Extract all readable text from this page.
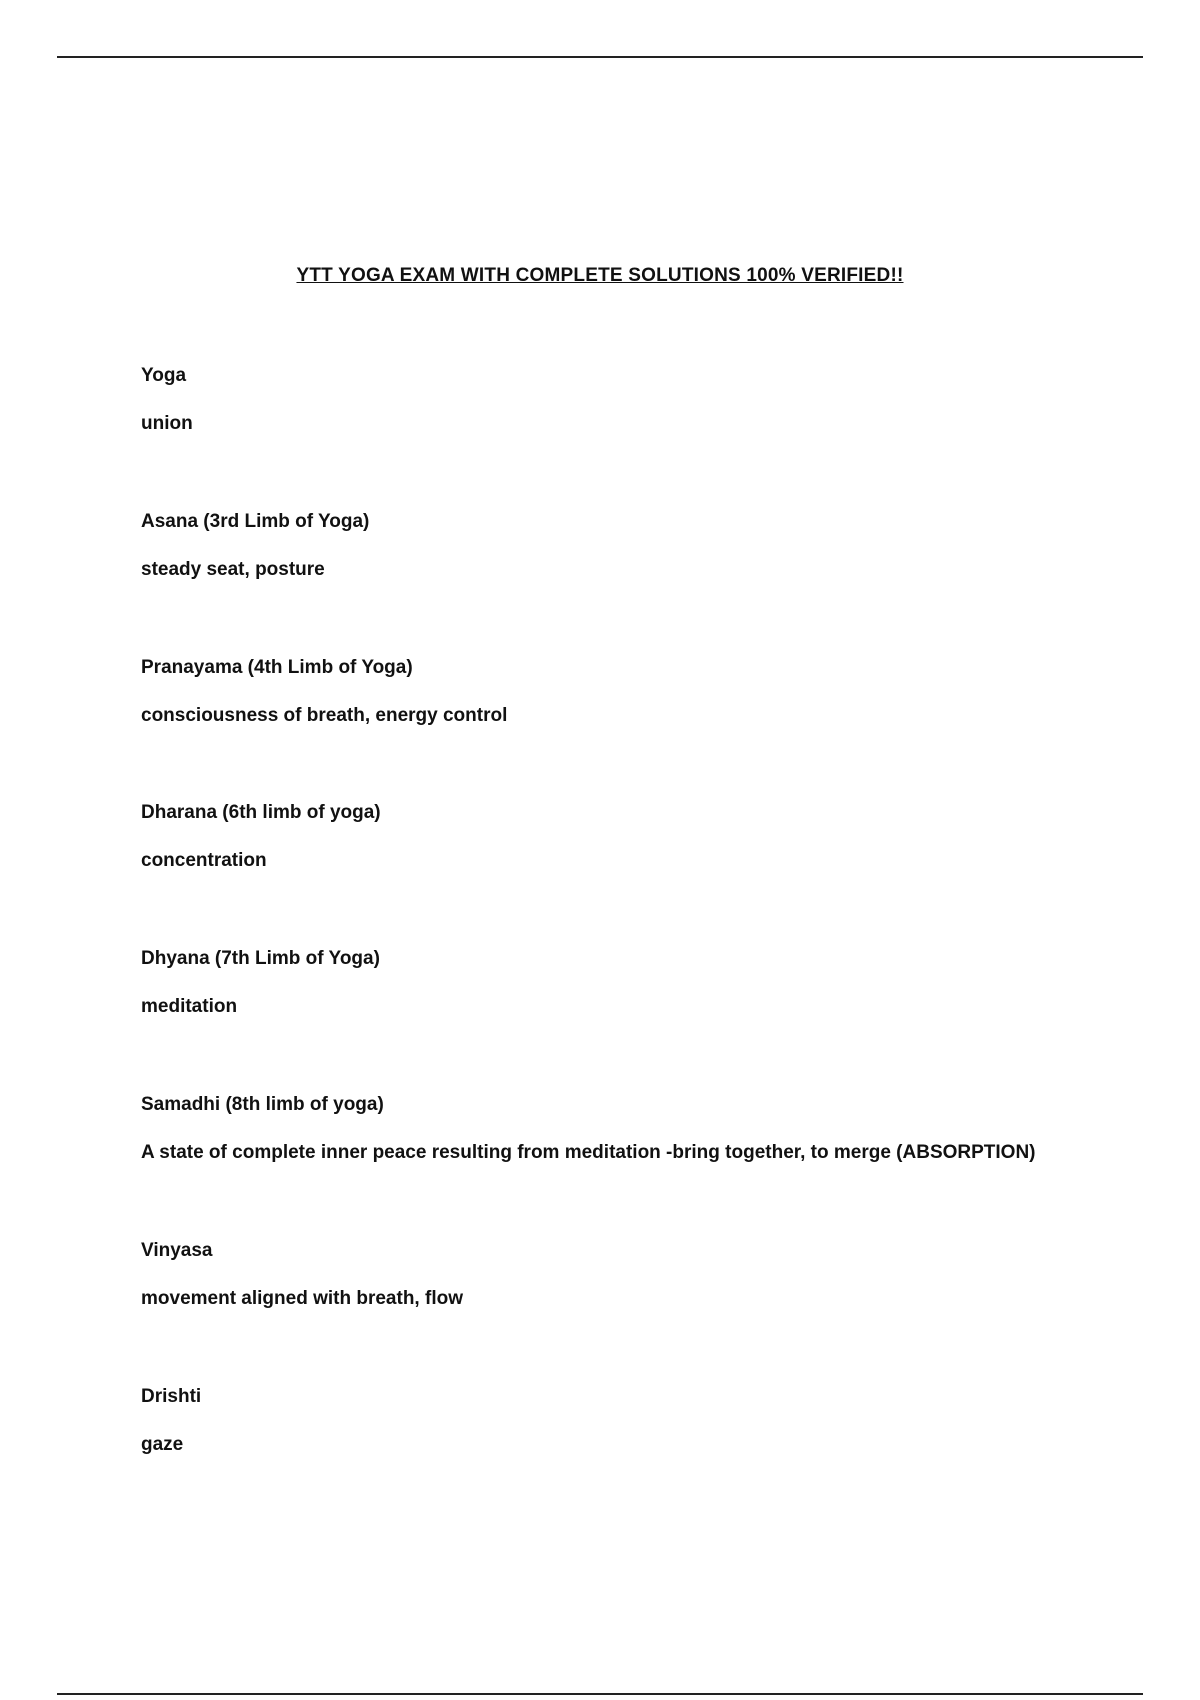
YTT YOGA EXAM WITH COMPLETE SOLUTIONS 100% VERIFIED!!

Yoga

union

Asana (3rd Limb of Yoga)

steady seat, posture

Pranayama (4th Limb of Yoga)

consciousness of breath, energy control

Dharana (6th limb of yoga)

concentration

Dhyana (7th Limb of Yoga)

meditation

Samadhi (8th limb of yoga)

A state of complete inner peace resulting from meditation -bring together, to merge (ABSORPTION)

Vinyasa

movement aligned with breath, flow

Drishti

gaze
